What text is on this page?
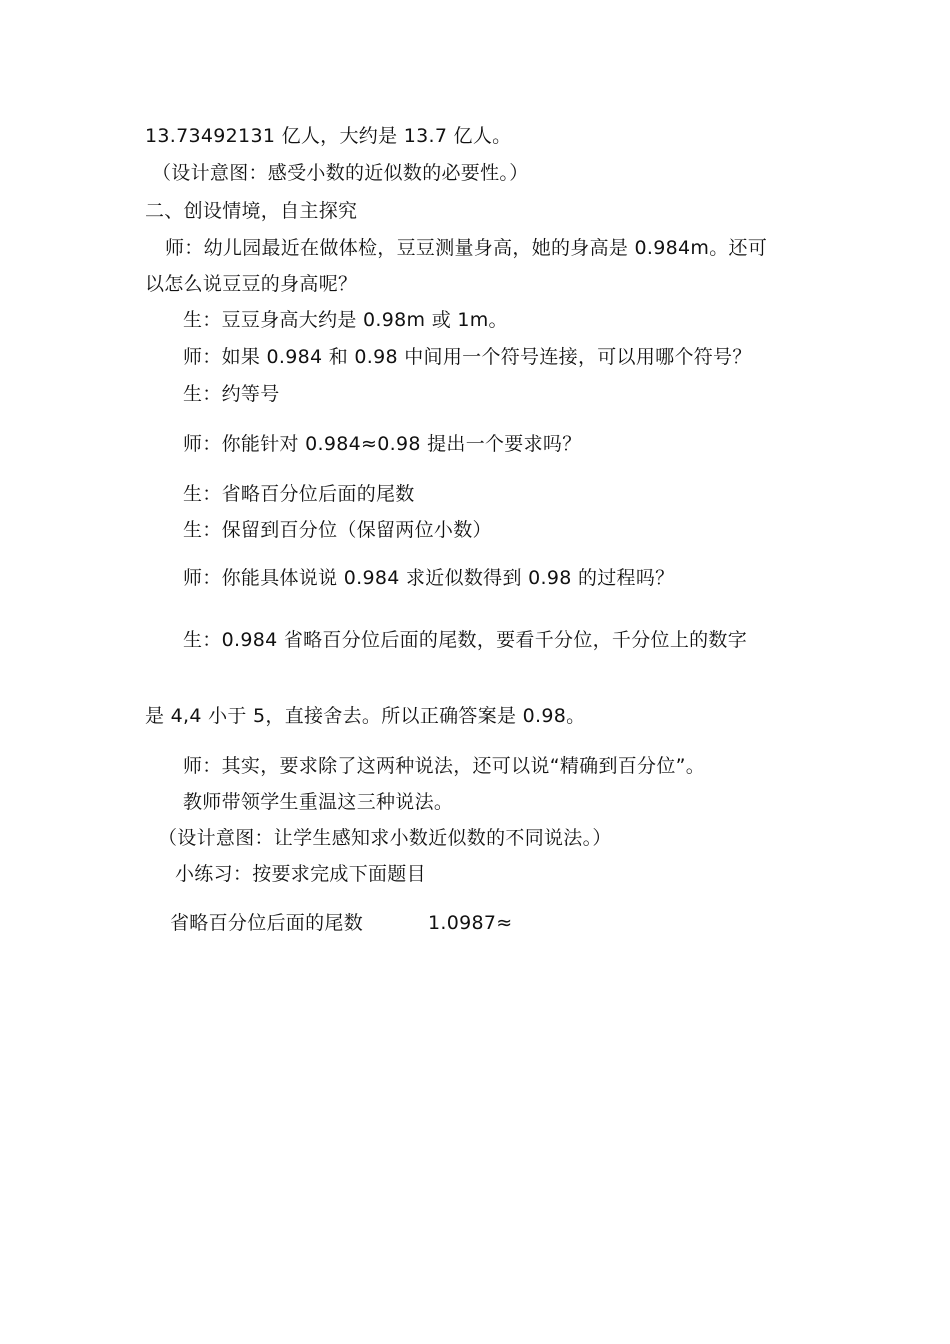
13.73492131 亿人，大约是 13.7 亿人。
（设计意图：感受小数的近似数的必要性。）
二、创设情境，自主探究
师：幼儿园最近在做体检，豆豆测量身高，她的身高是 0.984m。还可
以怎么说豆豆的身高呢？
生：豆豆身高大约是 0.98m 或 1m。
师：如果 0.984 和 0.98 中间用一个符号连接，可以用哪个符号？
生：约等号
师：你能针对 0.984≈0.98 提出一个要求吗？
生：省略百分位后面的尾数
生：保留到百分位（保留两位小数）
师：你能具体说说 0.984 求近似数得到 0.98 的过程吗？
生：0.984 省略百分位后面的尾数，要看千分位，千分位上的数字
是 4,4 小于 5，直接舍去。所以正确答案是 0.98。
师：其实，要求除了这两种说法，还可以说“精确到百分位”。
教师带领学生重温这三种说法。
（设计意图：让学生感知求小数近似数的不同说法。）
小练习：按要求完成下面题目
省略百分位后面的尾数	1.0987≈
